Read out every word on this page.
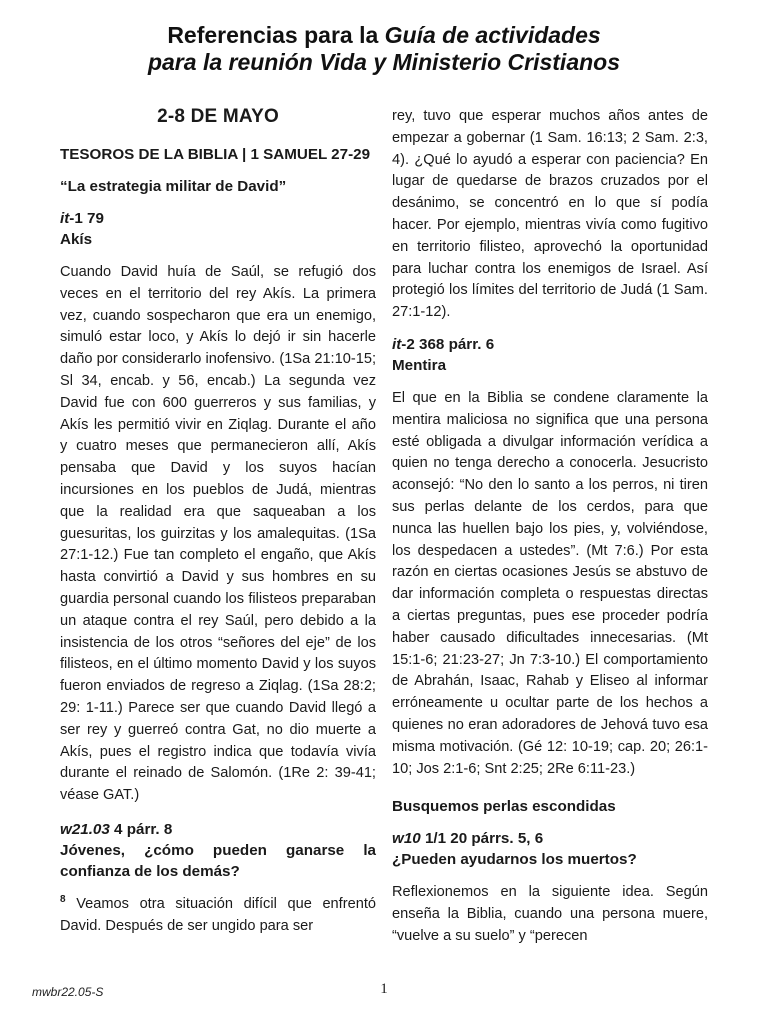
Referencias para la Guía de actividades
para la reunión Vida y Ministerio Cristianos
2-8 DE MAYO
TESOROS DE LA BIBLIA | 1 SAMUEL 27-29
“La estrategia militar de David”
it-1 79
Akís

Cuando David huía de Saúl, se refugió dos veces en el territorio del rey Akís. La primera vez, cuando sospecharon que era un enemigo, simuló estar loco, y Akís lo dejó ir sin hacerle daño por considerarlo inofensivo. (1Sa 21:10-15; Sl 34, encab. y 56, encab.) La segunda vez David fue con 600 guerreros y sus familias, y Akís les permitió vivir en Ziqlag. Durante el año y cuatro meses que permanecieron allí, Akís pensaba que David y los suyos hacían incursiones en los pueblos de Judá, mientras que la realidad era que saqueaban a los guesuritas, los guirzitas y los amalequitas. (1Sa 27:1-12.) Fue tan completo el engaño, que Akís hasta convirtió a David y sus hombres en su guardia personal cuando los filisteos preparaban un ataque contra el rey Saúl, pero debido a la insistencia de los otros “señores del eje” de los filisteos, en el último momento David y los suyos fueron enviados de regreso a Ziqlag. (1Sa 28:2; 29: 1-11.) Parece ser que cuando David llegó a ser rey y guerreó contra Gat, no dio muerte a Akís, pues el registro indica que todavía vivía durante el reinado de Salomón. (1Re 2: 39-41; véase GAT.)

w21.03 4 párr. 8
Jóvenes, ¿cómo pueden ganarse la confianza de los demás?

$^8$ Veamos otra situación difícil que enfrentó David. Después de ser ungido para ser

rey, tuvo que esperar muchos años antes de empezar a gobernar (1 Sam. 16:13; 2 Sam. 2:3, 4). ¿Qué lo ayudó a esperar con paciencia? En lugar de quedarse de brazos cruzados por el desánimo, se concentró en lo que sí podía hacer. Por ejemplo, mientras vivía como fugitivo en territorio filisteo, aprovechó la oportunidad para luchar contra los enemigos de Israel. Así protegió los límites del territorio de Judá (1 Sam. 27:1-12).

it-2 368 párr. 6
Mentira

El que en la Biblia se condene claramente la mentira maliciosa no significa que una persona esté obligada a divulgar información verídica a quien no tenga derecho a conocerla. Jesucristo aconsejó: “No den lo santo a los perros, ni tiren sus perlas delante de los cerdos, para que nunca las huellen bajo los pies, y, volviéndose, los despedacen a ustedes”. (Mt 7:6.) Por esta razón en ciertas ocasiones Jesús se abstuvo de dar información completa o respuestas directas a ciertas preguntas, pues ese proceder podría haber causado dificultades innecesarias. (Mt 15:1-6; 21:23-27; Jn 7:3-10.) El comportamiento de Abrahán, Isaac, Rahab y Eliseo al informar erróneamente u ocultar parte de los hechos a quienes no eran adoradores de Jehová tuvo esa misma motivación. (Gé 12: 10-19; cap. 20; 26:1-10; Jos 2:1-6; Snt 2:25; 2Re 6:11-23.)

Busquemos perlas escondidas
w10 1/1 20 párrs. 5, 6
¿Pueden ayudarnos los muertos?

Reflexionemos en la siguiente idea. Según enseña la Biblia, cuando una persona muere, “vuelve a su suelo” y “perecen

mwbr22.05-S	1
